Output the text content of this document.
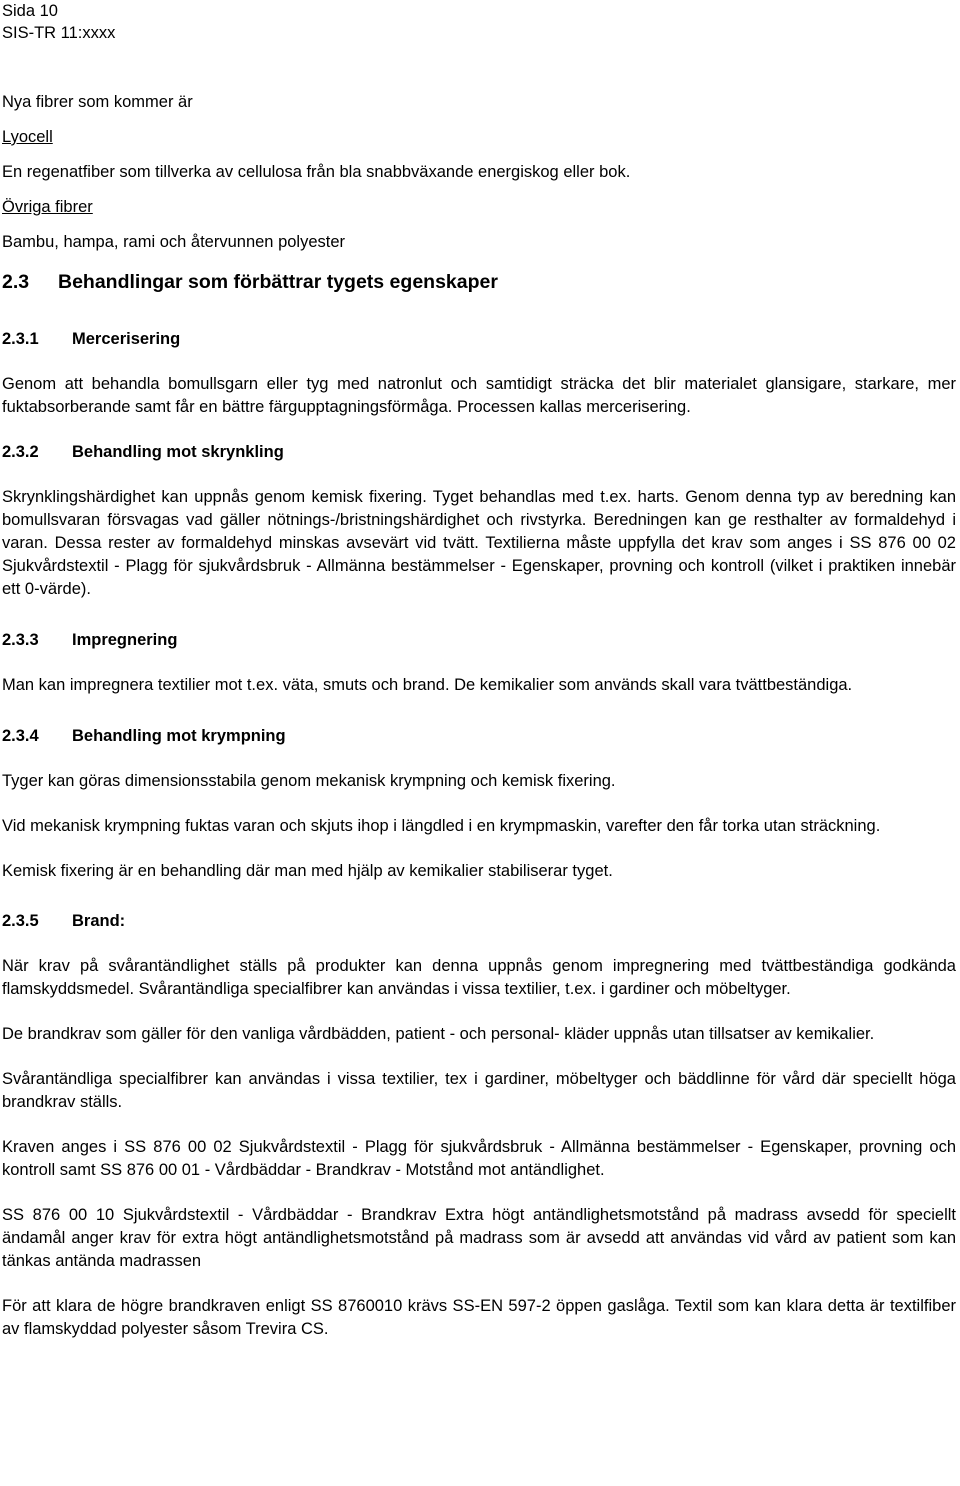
Sida 10
SIS-TR 11:xxxx
Nya fibrer som kommer är
Lyocell
En regenatfiber som tillverka av cellulosa från bla snabbväxande energiskog eller bok.
Övriga fibrer
Bambu, hampa, rami och återvunnen polyester
2.3 Behandlingar som förbättrar tygets egenskaper
2.3.1 Mercerisering
Genom att behandla bomullsgarn eller tyg med natronlut och samtidigt sträcka det blir materialet glansigare, starkare, mer fuktabsorberande samt får en bättre färgupptagningsförmåga. Processen kallas mercerisering.
2.3.2 Behandling mot skrynkling
Skrynklingshärdighet kan uppnås genom kemisk fixering. Tyget behandlas med t.ex. harts. Genom denna typ av beredning kan bomullsvaran försvagas vad gäller nötnings-/bristningshärdighet och rivstyrka. Beredningen kan ge resthalter av formaldehyd i varan. Dessa rester av formaldehyd minskas avsevärt vid tvätt. Textilierna måste uppfylla det krav som anges i SS 876 00 02 Sjukvårdstextil - Plagg för sjukvårdsbruk - Allmänna bestämmelser - Egenskaper, provning och kontroll (vilket i praktiken innebär ett 0-värde).
2.3.3 Impregnering
Man kan impregnera textilier mot t.ex. väta, smuts och brand. De kemikalier som används skall vara tvättbeständiga.
2.3.4 Behandling mot krympning
Tyger kan göras dimensionsstabila genom mekanisk krympning och kemisk fixering.
Vid mekanisk krympning fuktas varan och skjuts ihop i längdled i en krympmaskin, varefter den får torka utan sträckning.
Kemisk fixering är en behandling där man med hjälp av kemikalier stabiliserar tyget.
2.3.5 Brand:
När krav på svårantändlighet ställs på produkter kan denna uppnås genom impregnering med tvättbeständiga godkända flamskyddsmedel. Svårantändliga specialfibrer kan användas i vissa textilier, t.ex. i gardiner och möbeltyger.
De brandkrav som gäller för den vanliga vårdbädden, patient - och personal- kläder uppnås utan tillsatser av kemikalier.
Svårantändliga specialfibrer kan användas i vissa textilier, tex i gardiner, möbeltyger och bäddlinne för vård där speciellt höga brandkrav ställs.
Kraven anges i SS 876 00 02 Sjukvårdstextil - Plagg för sjukvårdsbruk - Allmänna bestämmelser - Egenskaper, provning och kontroll samt SS 876 00 01 - Vårdbäddar - Brandkrav - Motstånd mot antändlighet.
SS 876 00 10 Sjukvårdstextil - Vårdbäddar - Brandkrav Extra högt antändlighetsmotstånd på madrass avsedd för speciellt ändamål anger krav för extra högt antändlighetsmotstånd på madrass som är avsedd att användas vid vård av patient som kan tänkas antända madrassen
För att klara de högre brandkraven enligt SS 8760010 krävs SS-EN 597-2 öppen gaslåga. Textil som kan klara detta är textilfiber av flamskyddad polyester såsom Trevira CS.
